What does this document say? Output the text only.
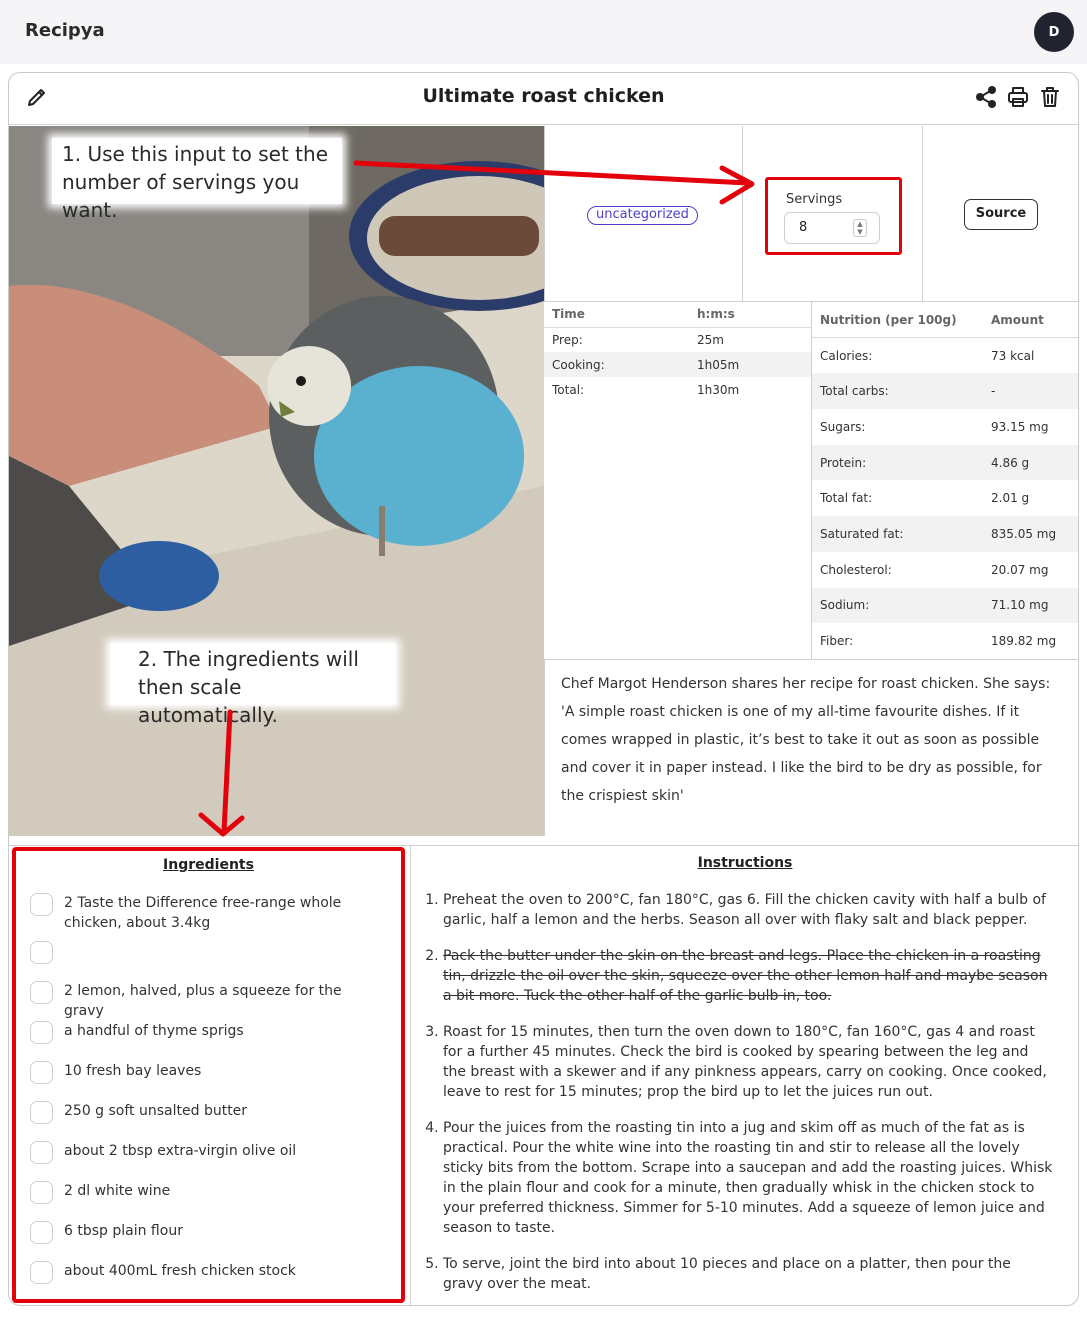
Recipya	D
Ultimate roast chicken
uncategorized
Servings
8	▲
▼
Source
Time	h:m:s
Prep:	25m
Cooking:	1h05m
Total:	1h30m
Nutrition (per 100g)	Amount
Calories:	73 kcal
Total carbs:	-
Sugars:	93.15 mg
Protein:	4.86 g
Total fat:	2.01 g
Saturated fat:	835.05 mg
Cholesterol:	20.07 mg
Sodium:	71.10 mg
Fiber:	189.82 mg
Chef Margot Henderson shares her recipe for roast chicken. She says: 'A simple roast chicken is one of my all-time favourite dishes. If it comes wrapped in plastic, it’s best to take it out as soon as possible and cover it in paper instead. I like the bird to be dry as possible, for the crispiest skin'
Ingredients
2 Taste the Difference free-range whole chicken, about 3.4kg
2 lemon, halved, plus a squeeze for the gravy
a handful of thyme sprigs
10 fresh bay leaves
250 g soft unsalted butter
about 2 tbsp extra-virgin olive oil
2 dl white wine
6 tbsp plain flour
about 400mL fresh chicken stock
Instructions
1. Preheat the oven to 200°C, fan 180°C, gas 6. Fill the chicken cavity with half a bulb of garlic, half a lemon and the herbs. Season all over with flaky salt and black pepper.
2. Pack the butter under the skin on the breast and legs. Place the chicken in a roasting tin, drizzle the oil over the skin, squeeze over the other lemon half and maybe season a bit more. Tuck the other half of the garlic bulb in, too.
3. Roast for 15 minutes, then turn the oven down to 180°C, fan 160°C, gas 4 and roast for a further 45 minutes. Check the bird is cooked by spearing between the leg and the breast with a skewer and if any pinkness appears, carry on cooking. Once cooked, leave to rest for 15 minutes; prop the bird up to let the juices run out.
4. Pour the juices from the roasting tin into a jug and skim off as much of the fat as is practical. Pour the white wine into the roasting tin and stir to release all the lovely sticky bits from the bottom. Scrape into a saucepan and add the roasting juices. Whisk in the plain flour and cook for a minute, then gradually whisk in the chicken stock to your preferred thickness. Simmer for 5-10 minutes. Add a squeeze of lemon juice and season to taste.
5. To serve, joint the bird into about 10 pieces and place on a platter, then pour the gravy over the meat.
1. Use this input to set the number of servings you want.
2. The ingredients will then scale automatically.
